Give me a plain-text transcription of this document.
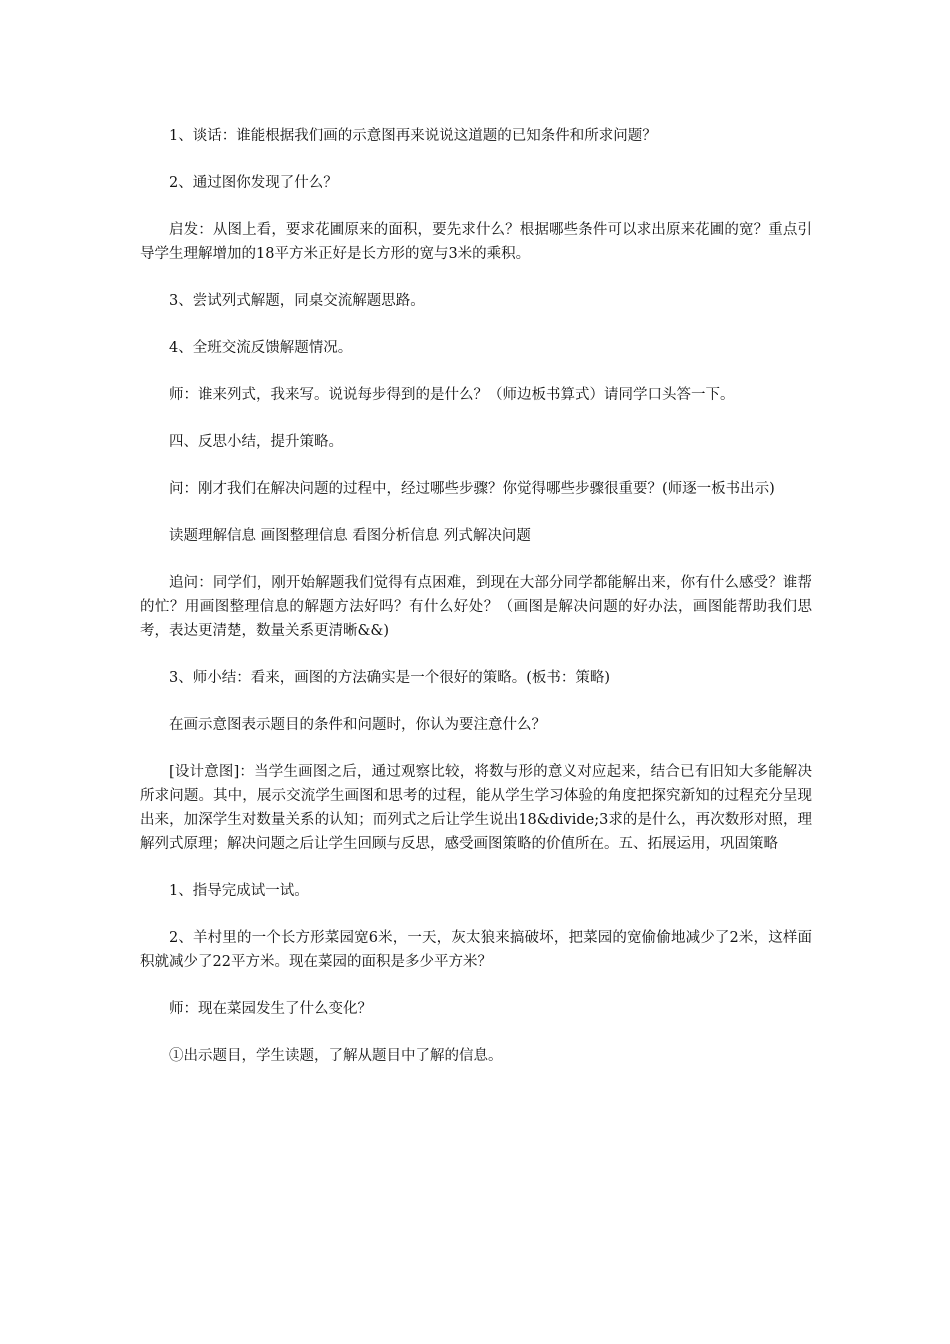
1、谈话：谁能根据我们画的示意图再来说说这道题的已知条件和所求问题？

2、通过图你发现了什么？

启发：从图上看，要求花圃原来的面积，要先求什么？根据哪些条件可以求出原来花圃的宽？重点引导学生理解增加的18平方米正好是长方形的宽与3米的乘积。

3、尝试列式解题，同桌交流解题思路。

4、全班交流反馈解题情况。

师：谁来列式，我来写。说说每步得到的是什么？（师边板书算式）请同学口头答一下。

四、反思小结，提升策略。

问：刚才我们在解决问题的过程中，经过哪些步骤？你觉得哪些步骤很重要？(师逐一板书出示)

读题理解信息 画图整理信息 看图分析信息 列式解决问题

追问：同学们，刚开始解题我们觉得有点困难，到现在大部分同学都能解出来，你有什么感受？谁帮的忙？用画图整理信息的解题方法好吗？有什么好处？（画图是解决问题的好办法，画图能帮助我们思考，表达更清楚，数量关系更清晰&&)

3、师小结：看来，画图的方法确实是一个很好的策略。(板书：策略)

在画示意图表示题目的条件和问题时，你认为要注意什么？

[设计意图]：当学生画图之后，通过观察比较，将数与形的意义对应起来，结合已有旧知大多能解决所求问题。其中，展示交流学生画图和思考的过程，能从学生学习体验的角度把探究新知的过程充分呈现出来，加深学生对数量关系的认知；而列式之后让学生说出18&divide;3求的是什么，再次数形对照，理解列式原理；解决问题之后让学生回顾与反思，感受画图策略的价值所在。五、拓展运用，巩固策略

1、指导完成试一试。

2、羊村里的一个长方形菜园宽6米，一天，灰太狼来搞破坏，把菜园的宽偷偷地减少了2米，这样面积就减少了22平方米。现在菜园的面积是多少平方米？

师：现在菜园发生了什么变化？

①出示题目，学生读题，了解从题目中了解的信息。
